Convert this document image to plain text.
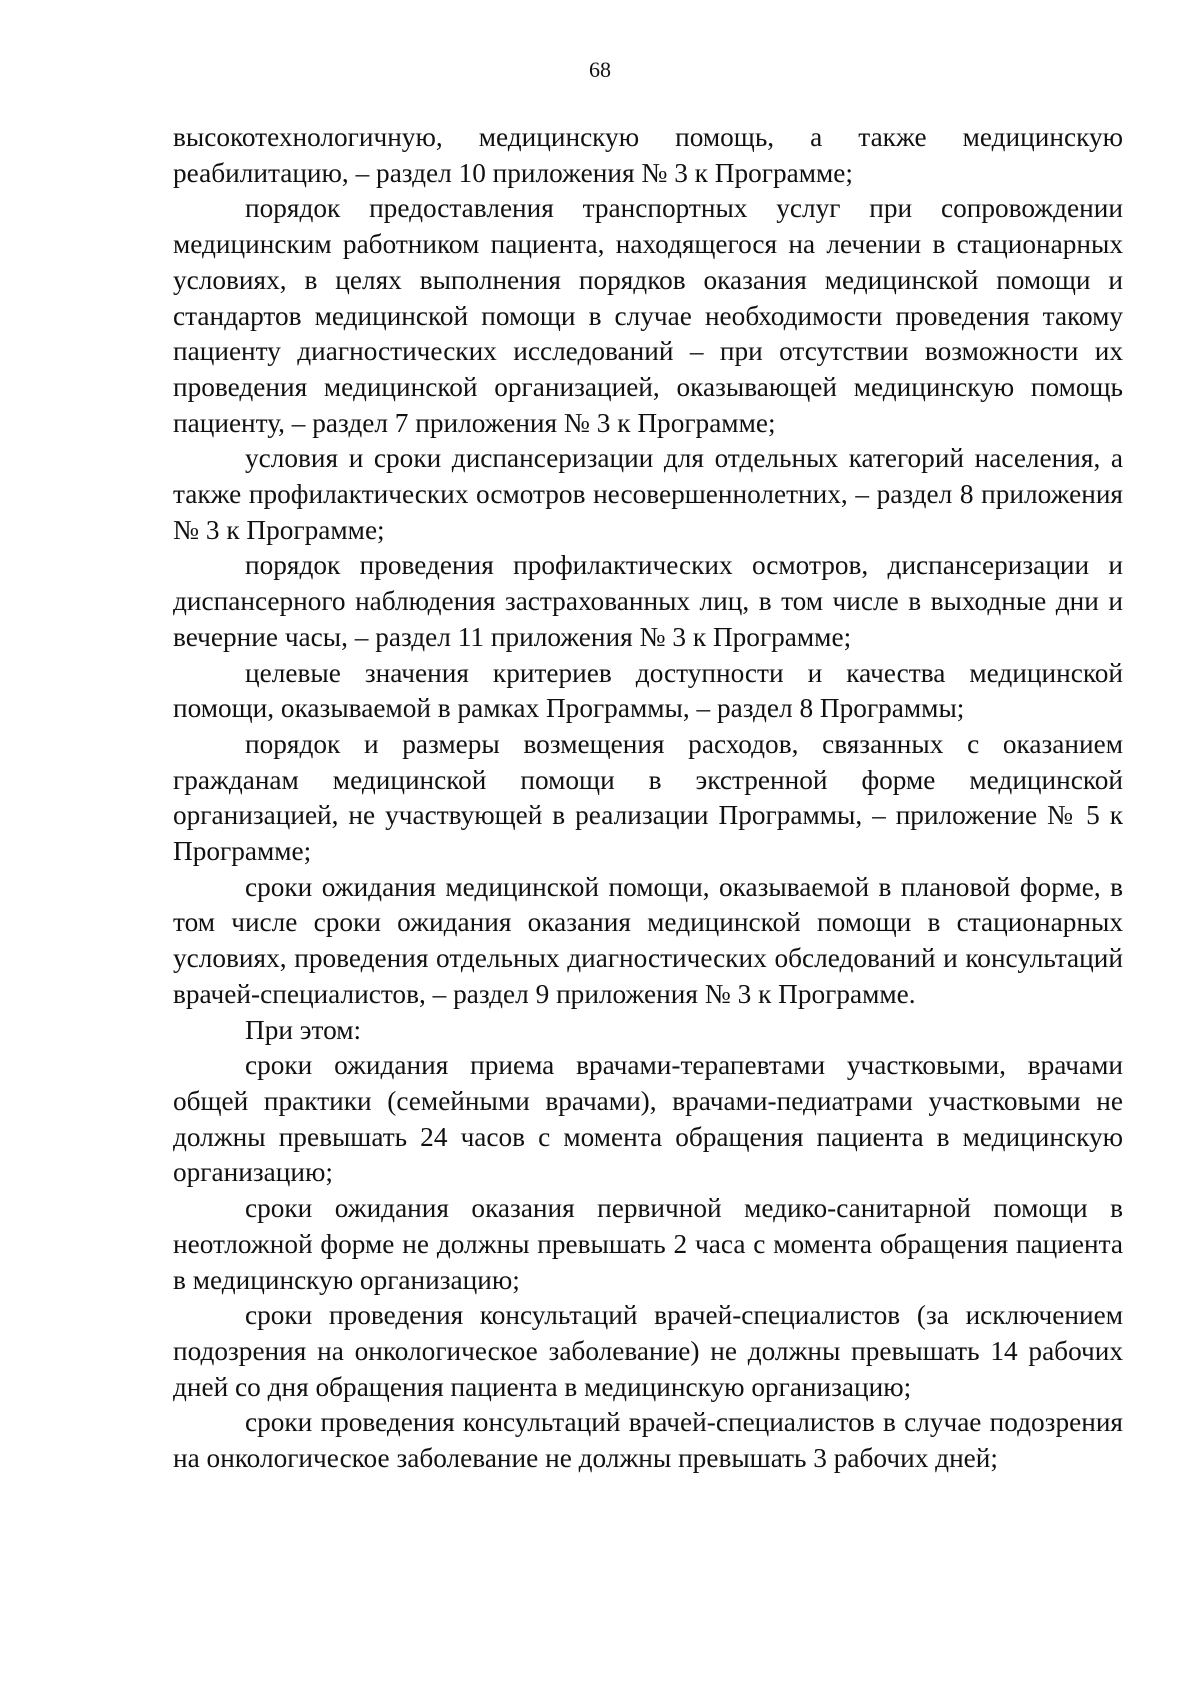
68

высокотехнологичную, медицинскую помощь, а также медицинскую реабилитацию, – раздел 10 приложения № 3 к Программе;

порядок предоставления транспортных услуг при сопровождении медицинским работником пациента, находящегося на лечении в стационарных условиях, в целях выполнения порядков оказания медицинской помощи и стандартов медицинской помощи в случае необходимости проведения такому пациенту диагностических исследований – при отсутствии возможности их проведения медицинской организацией, оказывающей медицинскую помощь пациенту, – раздел 7 приложения № 3 к Программе;

условия и сроки диспансеризации для отдельных категорий населения, а также профилактических осмотров несовершеннолетних, – раздел 8 приложения № 3 к Программе;

порядок проведения профилактических осмотров, диспансеризации и диспансерного наблюдения застрахованных лиц, в том числе в выходные дни и вечерние часы, – раздел 11 приложения № 3 к Программе;

целевые значения критериев доступности и качества медицинской помощи, оказываемой в рамках Программы, – раздел 8 Программы;

порядок и размеры возмещения расходов, связанных с оказанием гражданам медицинской помощи в экстренной форме медицинской организацией, не участвующей в реализации Программы, – приложение № 5 к Программе;

сроки ожидания медицинской помощи, оказываемой в плановой форме, в том числе сроки ожидания оказания медицинской помощи в стационарных условиях, проведения отдельных диагностических обследований и консультаций врачей-специалистов, – раздел 9 приложения № 3 к Программе.

При этом:

сроки ожидания приема врачами-терапевтами участковыми, врачами общей практики (семейными врачами), врачами-педиатрами участковыми не должны превышать 24 часов с момента обращения пациента в медицинскую организацию;

сроки ожидания оказания первичной медико-санитарной помощи в неотложной форме не должны превышать 2 часа с момента обращения пациента в медицинскую организацию;

сроки проведения консультаций врачей-специалистов (за исключением подозрения на онкологическое заболевание) не должны превышать 14 рабочих дней со дня обращения пациента в медицинскую организацию;

сроки проведения консультаций врачей-специалистов в случае подозрения на онкологическое заболевание не должны превышать 3 рабочих дней;
